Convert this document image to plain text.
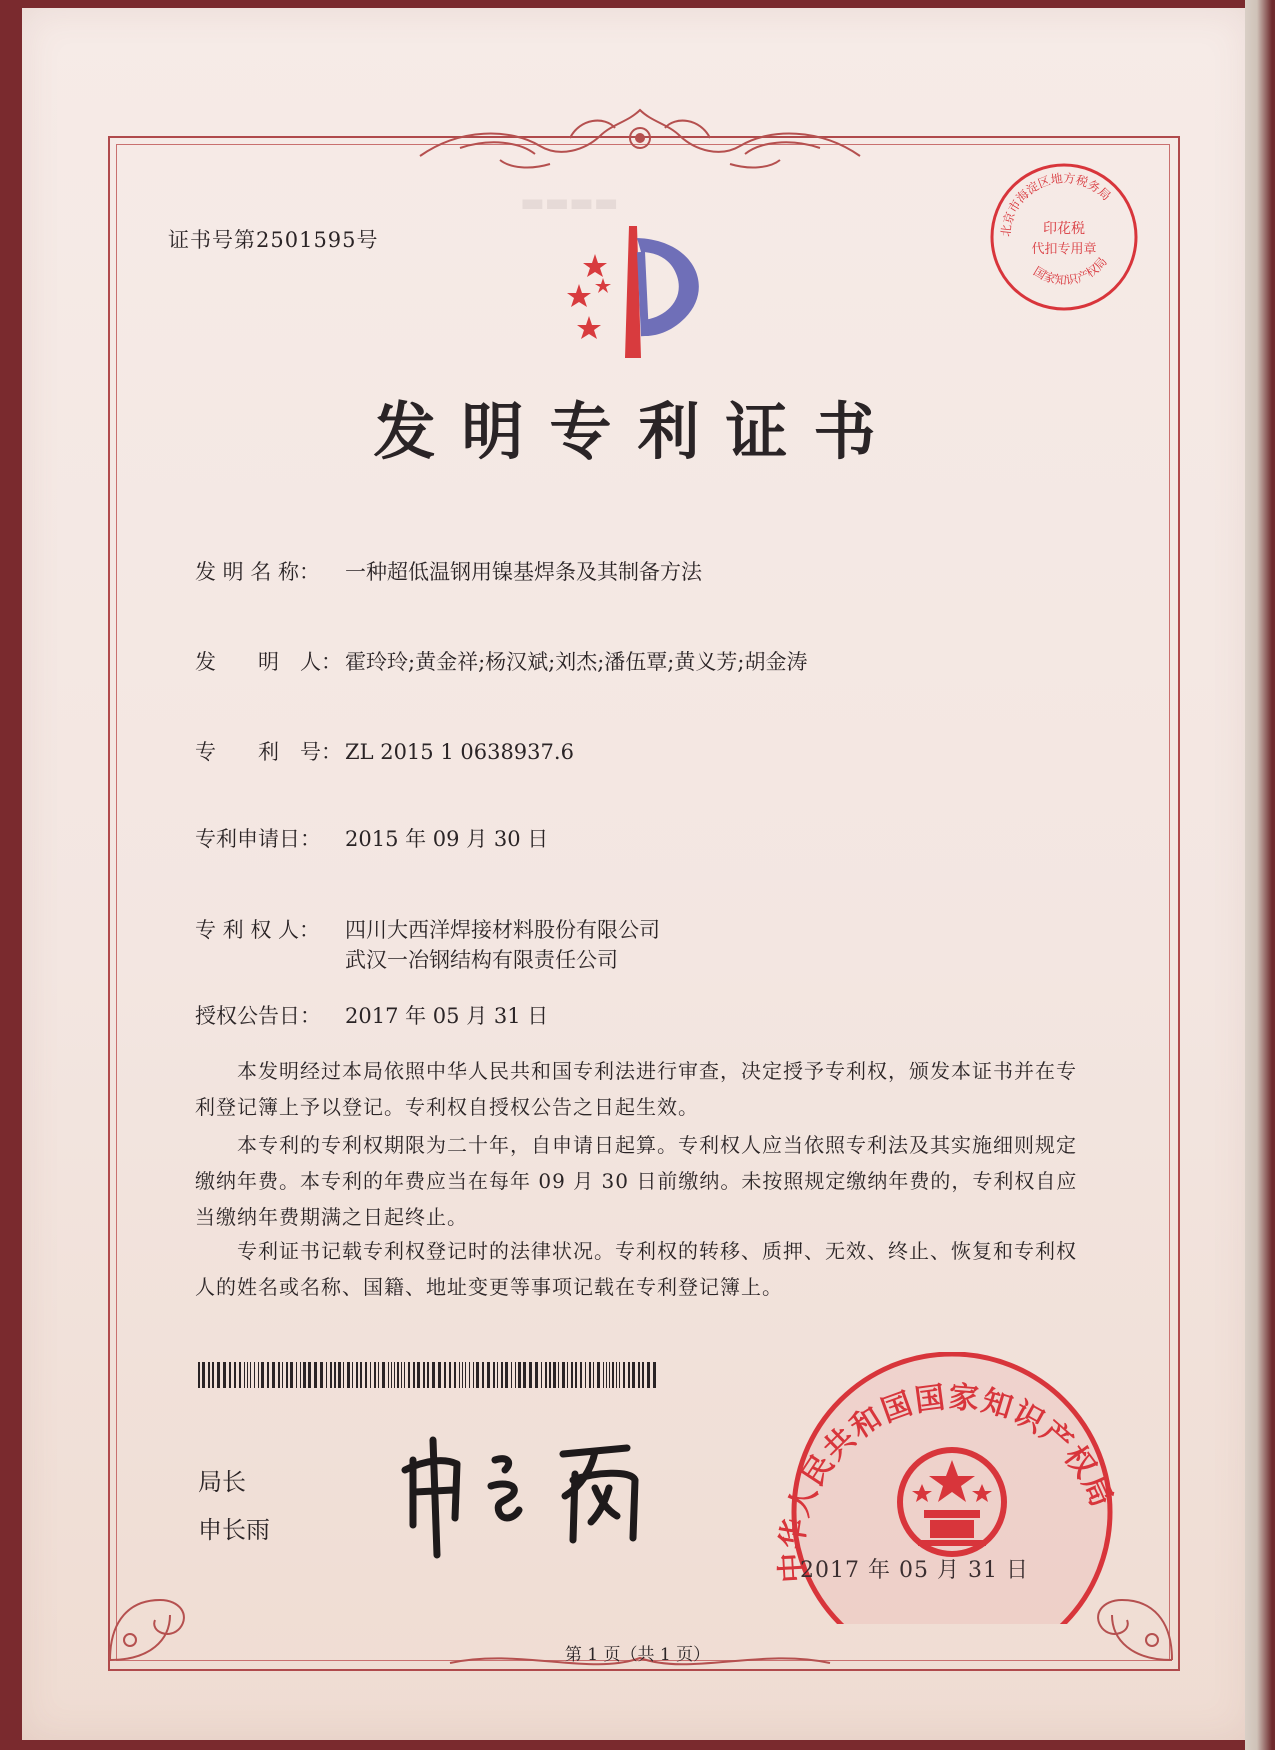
▬▬▬▬
证书号第2501595号
发明专利证书
发 明 名 称： 一种超低温钢用镍基焊条及其制备方法
发　　明　人： 霍玲玲;黄金祥;杨汉斌;刘杰;潘伍覃;黄义芳;胡金涛
专　　利　号： ZL 2015 1 0638937.6
专利申请日： 2015 年 09 月 30 日
专 利 权 人： 四川大西洋焊接材料股份有限公司
武汉一冶钢结构有限责任公司
授权公告日： 2017 年 05 月 31 日
本发明经过本局依照中华人民共和国专利法进行审查，决定授予专利权，颁发本证书并在专利登记簿上予以登记。专利权自授权公告之日起生效。
本专利的专利权期限为二十年，自申请日起算。专利权人应当依照专利法及其实施细则规定缴纳年费。本专利的年费应当在每年 09 月 30 日前缴纳。未按照规定缴纳年费的，专利权自应当缴纳年费期满之日起终止。
专利证书记载专利权登记时的法律状况。专利权的转移、质押、无效、终止、恢复和专利权人的姓名或名称、国籍、地址变更等事项记载在专利登记簿上。
局长
申长雨
北京市海淀区地方税务局
印花税
代扣专用章
国家知识产权局
中华人民共和国国家知识产权局
2017 年 05 月 31 日
第 1 页（共 1 页）
